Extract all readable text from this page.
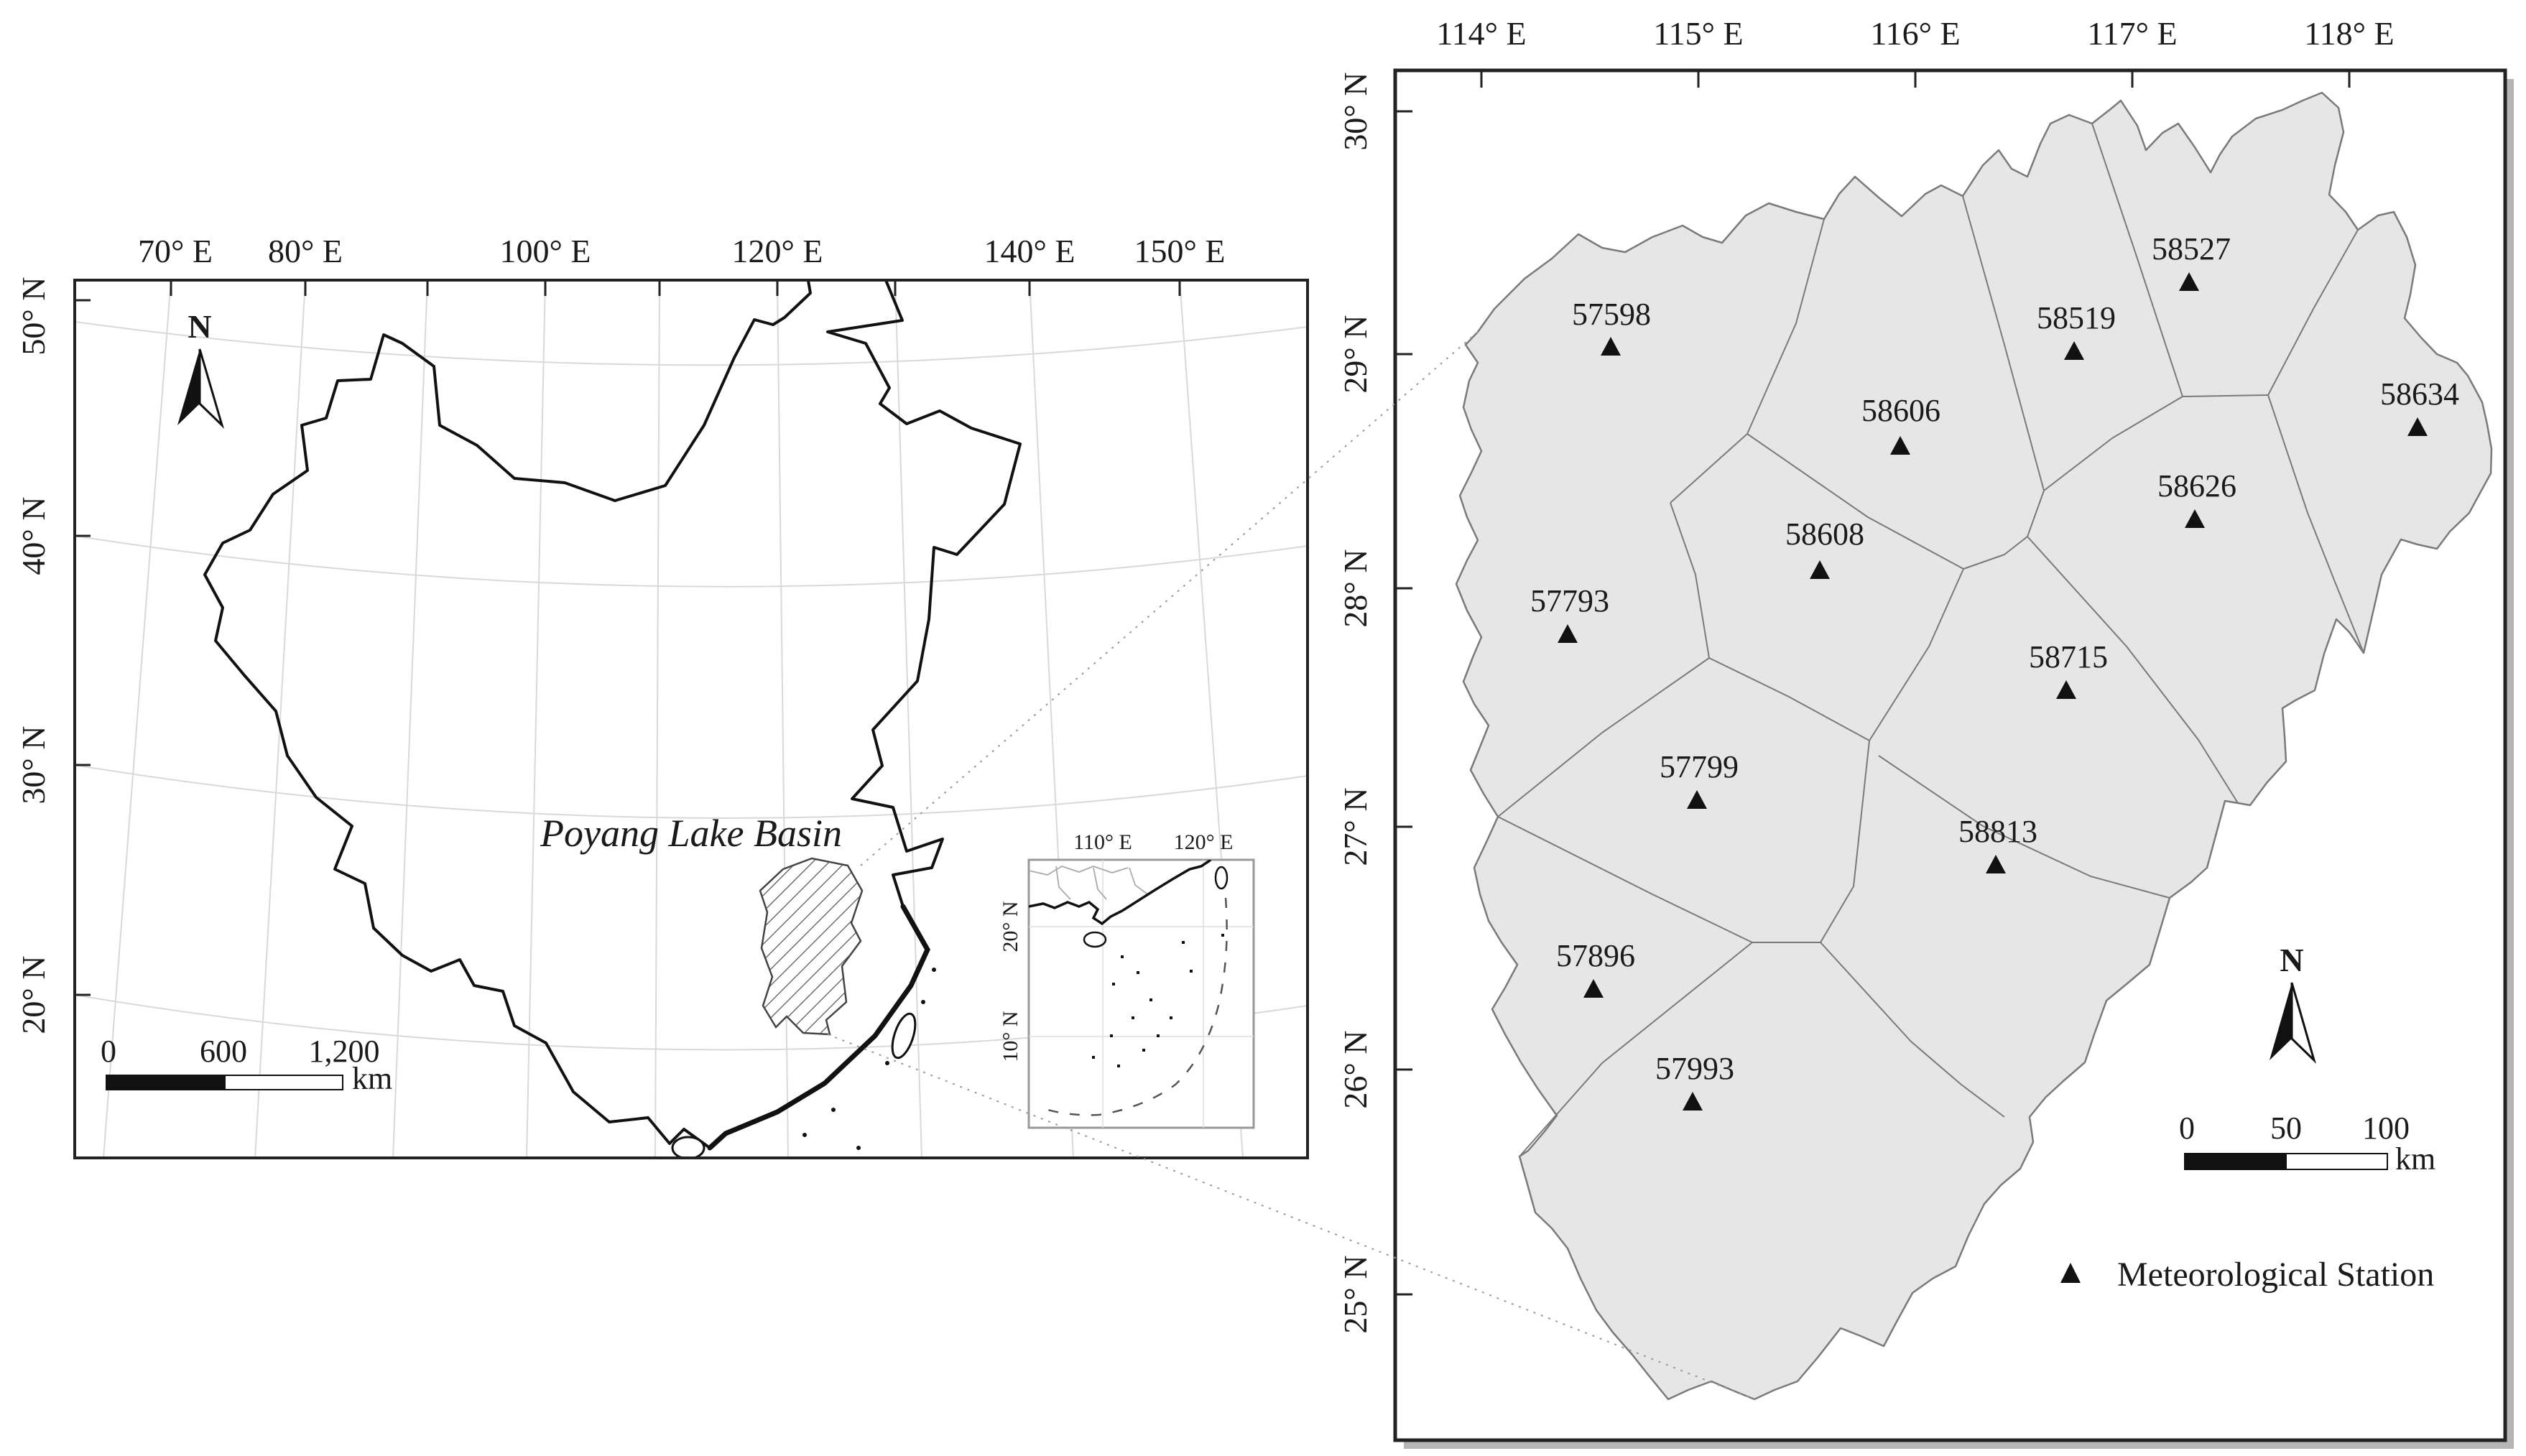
Poyang Lake Basin
N
0	600 1,200
km
110° E 120° E
20° N
10° N
70° E 80° E	100° E	120° E	140° E 150° E
50° N
40° N
30° N
20° N
57598
58606
58608
58519
58527
58634
58626
57793
57799
58715
58813
57896
57993
N
0 50 100
km
Meteorological Station
114° E	115° E	116° E	117° E	118° E
30° N
29° N
28° N
27° N
26° N
25° N
